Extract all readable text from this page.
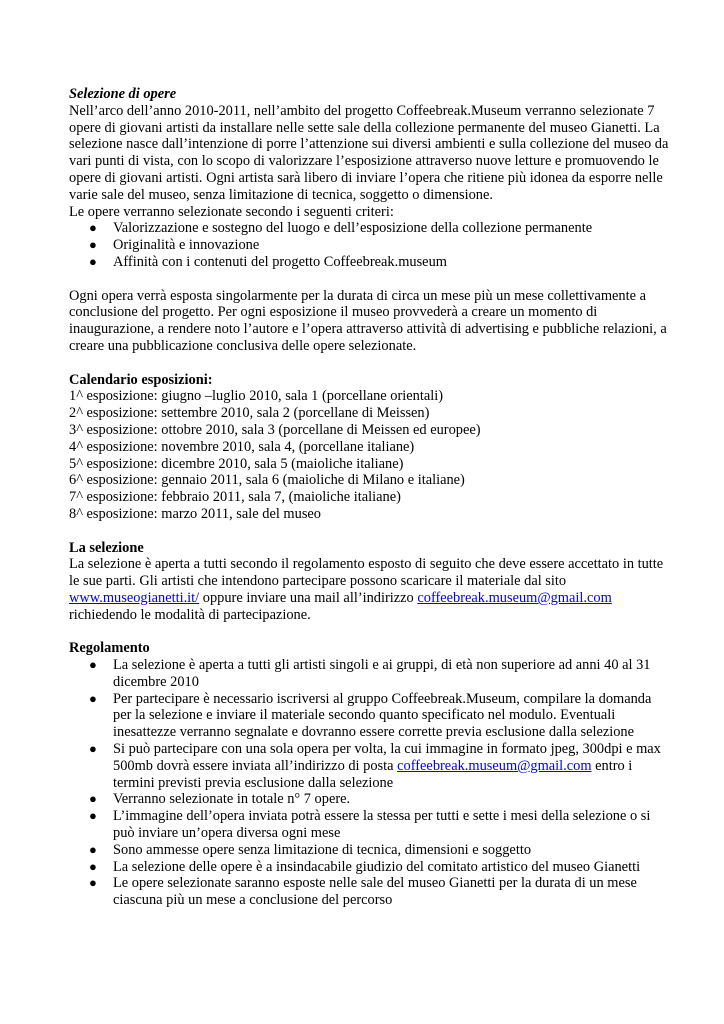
Selezione di opere

Nell’arco dell’anno 2010-2011, nell’ambito del progetto Coffeebreak.Museum verranno selezionate 7 opere di giovani artisti da installare nelle sette sale della collezione permanente del museo Gianetti. La selezione nasce dall’intenzione di porre l’attenzione sui diversi ambienti e sulla collezione del museo da vari punti di vista, con lo scopo di valorizzare l’esposizione attraverso nuove letture e promuovendo le opere di giovani artisti. Ogni artista sarà libero di inviare l’opera che ritiene più idonea da esporre nelle varie sale del museo, senza limitazione di tecnica, soggetto o dimensione.

Le opere verranno selezionate secondo i seguenti criteri:

● Valorizzazione e sostegno del luogo e dell’esposizione della collezione permanente
● Originalità e innovazione
● Affinità con i contenuti del progetto Coffeebreak.museum

Ogni opera verrà esposta singolarmente per la durata di circa un mese più un mese collettivamente a conclusione del progetto. Per ogni esposizione il museo provvederà a creare un momento di inaugurazione, a rendere noto l’autore e l’opera attraverso attività di advertising e pubbliche relazioni, a creare una pubblicazione conclusiva delle opere selezionate.

Calendario esposizioni:

1^ esposizione: giugno –luglio 2010, sala 1 (porcellane orientali)

2^ esposizione: settembre 2010, sala 2 (porcellane di Meissen)

3^ esposizione: ottobre 2010, sala 3 (porcellane di Meissen ed europee)

4^ esposizione: novembre 2010, sala 4, (porcellane italiane)

5^ esposizione: dicembre 2010, sala 5 (maioliche italiane)

6^ esposizione: gennaio 2011, sala 6 (maioliche di Milano e italiane)

7^ esposizione: febbraio 2011, sala 7, (maioliche italiane)

8^ esposizione: marzo 2011, sale del museo

La selezione

La selezione è aperta a tutti secondo il regolamento esposto di seguito che deve essere accettato in tutte le sue parti. Gli artisti che intendono partecipare possono scaricare il materiale dal sito www.museogianetti.it/ oppure inviare una mail all’indirizzo coffeebreak.museum@gmail.com richiedendo le modalità di partecipazione.

Regolamento

● La selezione è aperta a tutti gli artisti singoli e ai gruppi, di età non superiore ad anni 40 al 31 dicembre 2010
● Per partecipare è necessario iscriversi al gruppo Coffeebreak.Museum, compilare la domanda per la selezione e inviare il materiale secondo quanto specificato nel modulo. Eventuali inesattezze verranno segnalate e dovranno essere corrette previa esclusione dalla selezione
● Si può partecipare con una sola opera per volta, la cui immagine in formato jpeg, 300dpi e max 500mb dovrà essere inviata all’indirizzo di posta coffeebreak.museum@gmail.com entro i termini previsti previa esclusione dalla selezione
● Verranno selezionate in totale n° 7 opere.
● L’immagine dell’opera inviata potrà essere la stessa per tutti e sette i mesi della selezione o si può inviare un’opera diversa ogni mese
● Sono ammesse opere senza limitazione di tecnica, dimensioni e soggetto
● La selezione delle opere è a insindacabile giudizio del comitato artistico del museo Gianetti
● Le opere selezionate saranno esposte nelle sale del museo Gianetti per la durata di un mese ciascuna più un mese a conclusione del percorso
